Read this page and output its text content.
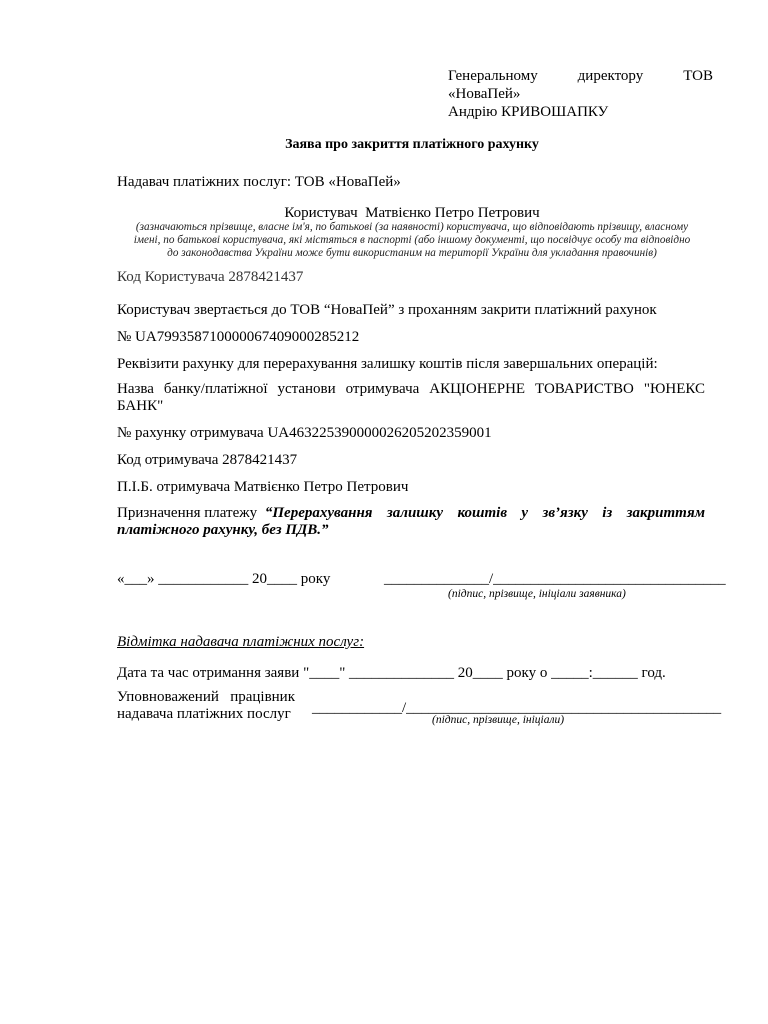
Генеральному	директору	ТОВ
«НоваПей»
Андрію КРИВОШАПКУ
Заява про закриття платіжного рахунку
Надавач платіжних послуг: ТОВ «НоваПей»
Користувач  Матвієнко Петро Петрович
(зазначаються прізвище, власне ім'я, по батькові (за наявності) користувача, що відповідають прізвищу, власному
імені, по батькові користувача, які містяться в паспорті (або іншому документі, що посвідчує особу та відповідно
до законодавства України може бути використаним на території України для укладання правочинів)
Код Користувача 2878421437
Користувач звертається до ТОВ “НоваПей” з проханням закрити платіжний рахунок
№ UA799358710000067409000285212
Реквізити рахунку для перерахування залишку коштів після завершальних операцій:
Назва банку/платіжної установи отримувача АКЦІОНЕРНЕ ТОВАРИСТВО "ЮНЕКС
БАНК"
№ рахунку отримувача UA463225390000026205202359001
Код отримувача 2878421437
П.І.Б. отримувача Матвієнко Петро Петрович
Призначення платежу “Перерахування залишку коштів у зв’язку із закриттям
платіжного рахунку, без ПДВ.”
«___» ____________ 20____ року	______________/_______________________________
(підпис, прізвище, ініціали заявника)
Відмітка надавача платіжних послуг:
Дата та час отримання заяви "____" ______________ 20____ року о _____:______ год.
Уповноважений працівник
надавача платіжних послуг ____________/__________________________________________
(підпис, прізвище, ініціали)
